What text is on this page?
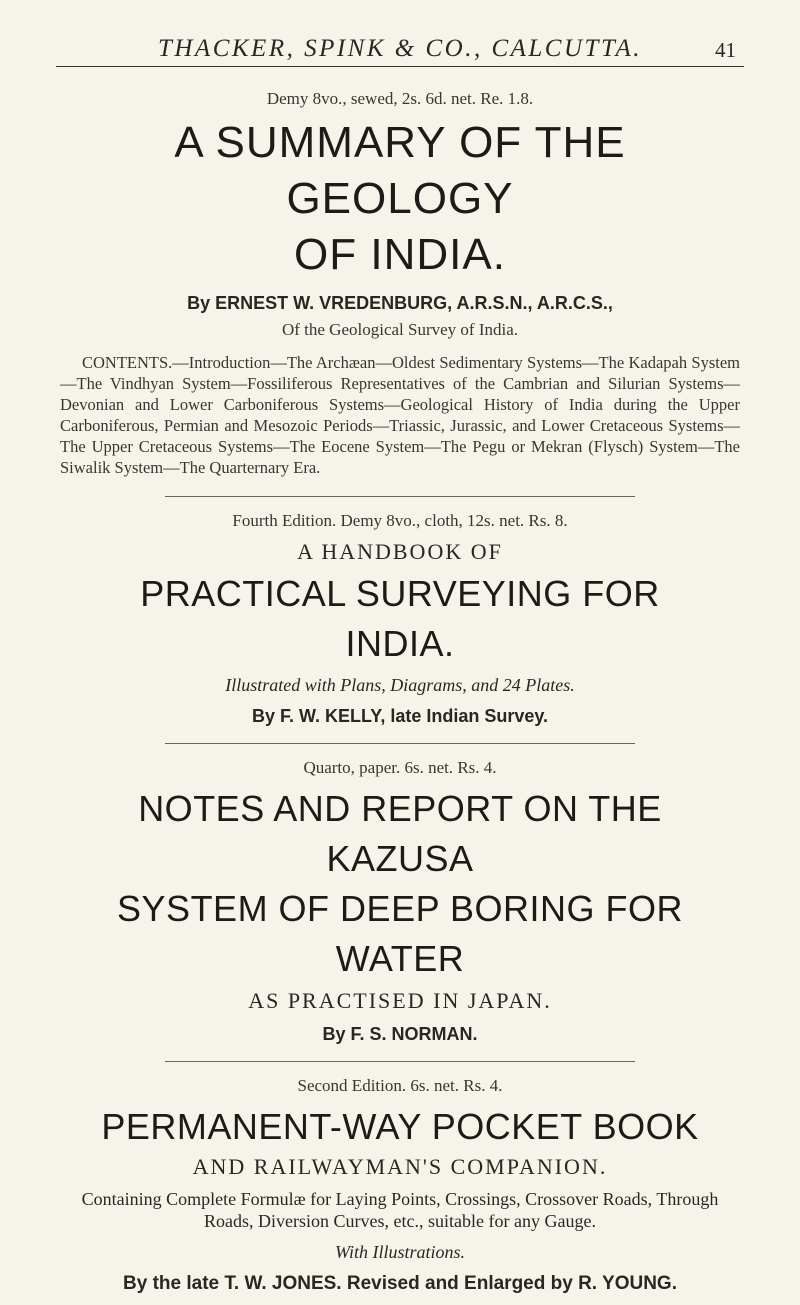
THACKER, SPINK & CO., CALCUTTA.	41
Demy 8vo., sewed, 2s. 6d. net. Re. 1.8.
A SUMMARY OF THE GEOLOGY
OF INDIA.
By ERNEST W. VREDENBURG, A.R.S.N., A.R.C.S.,
Of the Geological Survey of India.
CONTENTS.—Introduction—The Archæan—Oldest Sedimentary Systems—The Kadapah System—The Vindhyan System—Fossiliferous Representatives of the Cambrian and Silurian Systems—Devonian and Lower Carboniferous Systems—Geological History of India during the Upper Carboniferous, Permian and Mesozoic Periods—Triassic, Jurassic, and Lower Cretaceous Systems—The Upper Cretaceous Systems—The Eocene System—The Pegu or Mekran (Flysch) System—The Siwalik System—The Quarternary Era.
Fourth Edition. Demy 8vo., cloth, 12s. net. Rs. 8.
A HANDBOOK OF
PRACTICAL SURVEYING FOR
INDIA.
Illustrated with Plans, Diagrams, and 24 Plates.
By F. W. KELLY, late Indian Survey.
Quarto, paper. 6s. net. Rs. 4.
NOTES AND REPORT ON THE KAZUSA
SYSTEM OF DEEP BORING FOR WATER
AS PRACTISED IN JAPAN.
By F. S. NORMAN.
Second Edition. 6s. net. Rs. 4.
PERMANENT-WAY POCKET BOOK
AND RAILWAYMAN'S COMPANION.
Containing Complete Formulæ for Laying Points, Crossings, Crossover Roads, Through Roads, Diversion Curves, etc., suitable for any Gauge.
With Illustrations.
By the late T. W. JONES. Revised and Enlarged by R. YOUNG.
